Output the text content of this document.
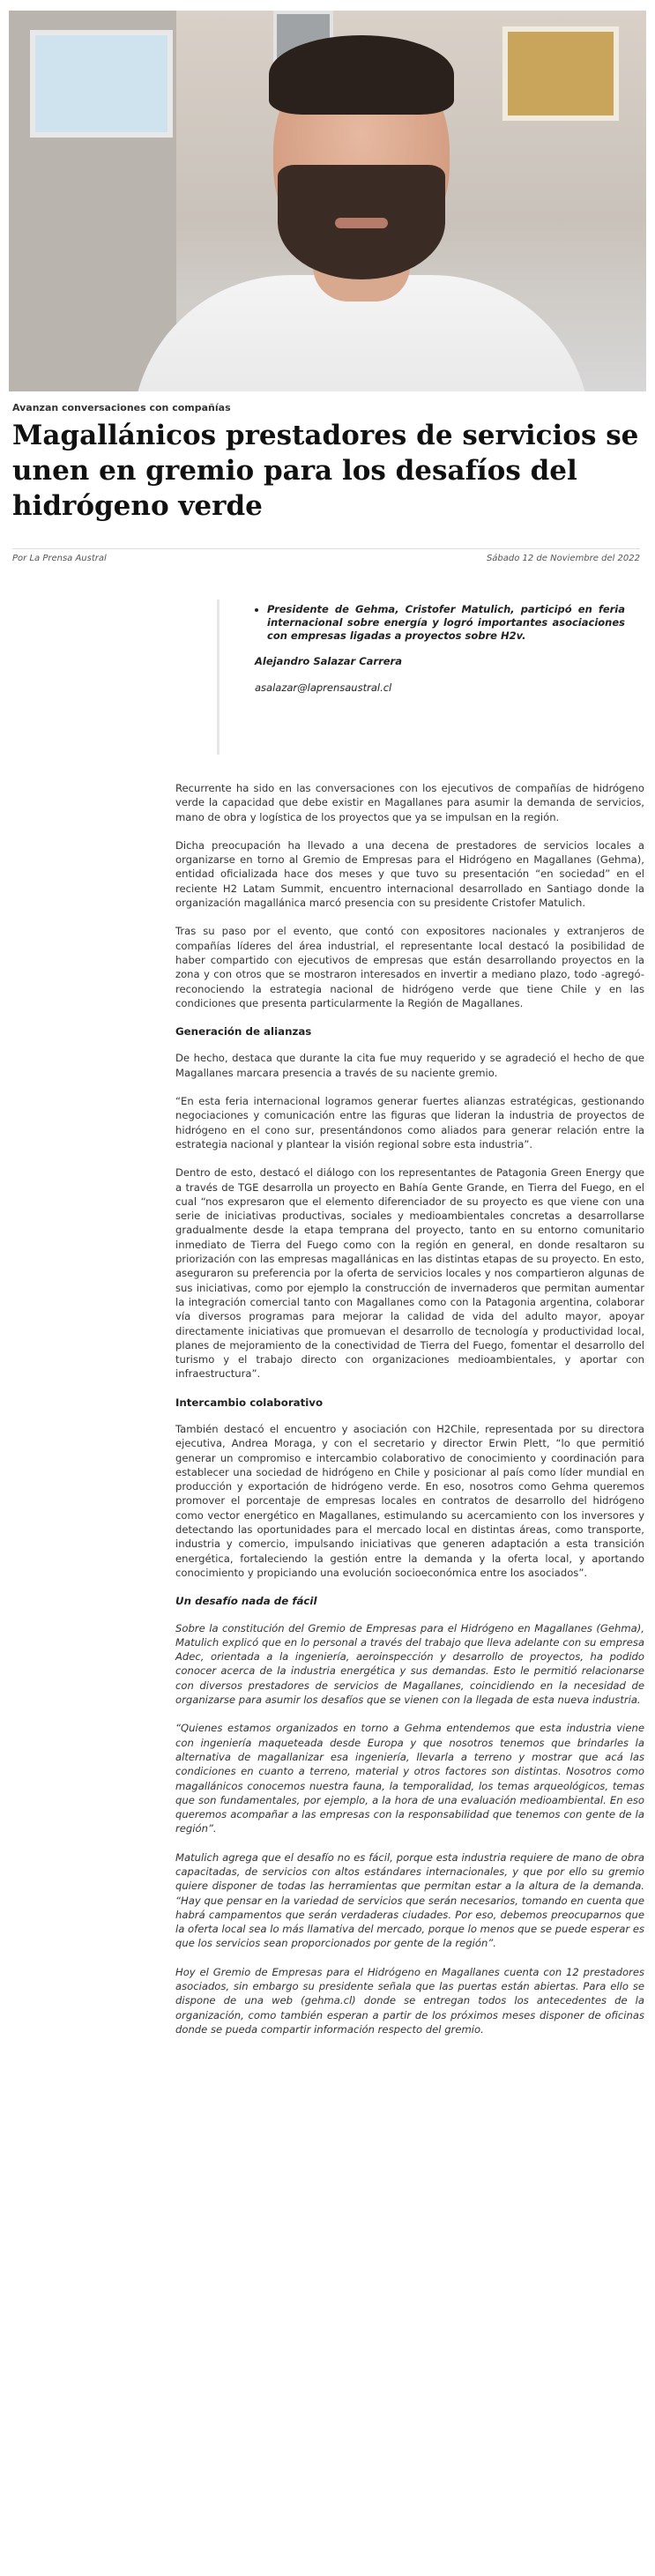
Avanzan conversaciones con compañías
Magallánicos prestadores de servicios se unen en gremio para los desafíos del hidrógeno verde
Por La Prensa Austral	Sábado 12 de Noviembre del 2022
• Presidente de Gehma, Cristofer Matulich, participó en feria internacional sobre energía y logró importantes asociaciones con empresas ligadas a proyectos sobre H2v.
Alejandro Salazar Carrera
asalazar@laprensaustral.cl

Recurrente ha sido en las conversaciones con los ejecutivos de compañías de hidrógeno verde la capacidad que debe existir en Magallanes para asumir la demanda de servicios, mano de obra y logística de los proyectos que ya se impulsan en la región.

Dicha preocupación ha llevado a una decena de prestadores de servicios locales a organizarse en torno al Gremio de Empresas para el Hidrógeno en Magallanes (Gehma), entidad oficializada hace dos meses y que tuvo su presentación “en sociedad” en el reciente H2 Latam Summit, encuentro internacional desarrollado en Santiago donde la organización magallánica marcó presencia con su presidente Cristofer Matulich.

Tras su paso por el evento, que contó con expositores nacionales y extranjeros de compañías líderes del área industrial, el representante local destacó la posibilidad de haber compartido con ejecutivos de empresas que están desarrollando proyectos en la zona y con otros que se mostraron interesados en invertir a mediano plazo, todo -agregó- reconociendo la estrategia nacional de hidrógeno verde que tiene Chile y en las condiciones que presenta particularmente la Región de Magallanes.

Generación de alianzas

De hecho, destaca que durante la cita fue muy requerido y se agradeció el hecho de que Magallanes marcara presencia a través de su naciente gremio.

“En esta feria internacional logramos generar fuertes alianzas estratégicas, gestionando negociaciones y comunicación entre las figuras que lideran la industria de proyectos de hidrógeno en el cono sur, presentándonos como aliados para generar relación entre la estrategia nacional y plantear la visión regional sobre esta industria”.

Dentro de esto, destacó el diálogo con los representantes de Patagonia Green Energy que a través de TGE desarrolla un proyecto en Bahía Gente Grande, en Tierra del Fuego, en el cual “nos expresaron que el elemento diferenciador de su proyecto es que viene con una serie de iniciativas productivas, sociales y medioambientales concretas a desarrollarse gradualmente desde la etapa temprana del proyecto, tanto en su entorno comunitario inmediato de Tierra del Fuego como con la región en general, en donde resaltaron su priorización con las empresas magallánicas en las distintas etapas de su proyecto. En esto, aseguraron su preferencia por la oferta de servicios locales y nos compartieron algunas de sus iniciativas, como por ejemplo la construcción de invernaderos que permitan aumentar la integración comercial tanto con Magallanes como con la Patagonia argentina, colaborar vía diversos programas para mejorar la calidad de vida del adulto mayor, apoyar directamente iniciativas que promuevan el desarrollo de tecnología y productividad local, planes de mejoramiento de la conectividad de Tierra del Fuego, fomentar el desarrollo del turismo y el trabajo directo con organizaciones medioambientales, y aportar con infraestructura”.

Intercambio colaborativo

También destacó el encuentro y asociación con H2Chile, representada por su directora ejecutiva, Andrea Moraga, y con el secretario y director Erwin Plett, “lo que permitió generar un compromiso e intercambio colaborativo de conocimiento y coordinación para establecer una sociedad de hidrógeno en Chile y posicionar al país como líder mundial en producción y exportación de hidrógeno verde. En eso, nosotros como Gehma queremos promover el porcentaje de empresas locales en contratos de desarrollo del hidrógeno como vector energético en Magallanes, estimulando su acercamiento con los inversores y detectando las oportunidades para el mercado local en distintas áreas, como transporte, industria y comercio, impulsando iniciativas que generen adaptación a esta transición energética, fortaleciendo la gestión entre la demanda y la oferta local, y aportando conocimiento y propiciando una evolución socioeconómica entre los asociados”.

Un desafío nada de fácil

Sobre la constitución del Gremio de Empresas para el Hidrógeno en Magallanes (Gehma), Matulich explicó que en lo personal a través del trabajo que lleva adelante con su empresa Adec, orientada a la ingeniería, aeroinspección y desarrollo de proyectos, ha podido conocer acerca de la industria energética y sus demandas. Esto le permitió relacionarse con diversos prestadores de servicios de Magallanes, coincidiendo en la necesidad de organizarse para asumir los desafíos que se vienen con la llegada de esta nueva industria.

“Quienes estamos organizados en torno a Gehma entendemos que esta industria viene con ingeniería maqueteada desde Europa y que nosotros tenemos que brindarles la alternativa de magallanizar esa ingeniería, llevarla a terreno y mostrar que acá las condiciones en cuanto a terreno, material y otros factores son distintas. Nosotros como magallánicos conocemos nuestra fauna, la temporalidad, los temas arqueológicos, temas que son fundamentales, por ejemplo, a la hora de una evaluación medioambiental. En eso queremos acompañar a las empresas con la responsabilidad que tenemos con gente de la región”.

Matulich agrega que el desafío no es fácil, porque esta industria requiere de mano de obra capacitadas, de servicios con altos estándares internacionales, y que por ello su gremio quiere disponer de todas las herramientas que permitan estar a la altura de la demanda. “Hay que pensar en la variedad de servicios que serán necesarios, tomando en cuenta que habrá campamentos que serán verdaderas ciudades. Por eso, debemos preocuparnos que la oferta local sea lo más llamativa del mercado, porque lo menos que se puede esperar es que los servicios sean proporcionados por gente de la región”.

Hoy el Gremio de Empresas para el Hidrógeno en Magallanes cuenta con 12 prestadores asociados, sin embargo su presidente señala que las puertas están abiertas. Para ello se dispone de una web (gehma.cl) donde se entregan todos los antecedentes de la organización, como también esperan a partir de los próximos meses disponer de oficinas donde se pueda compartir información respecto del gremio.
